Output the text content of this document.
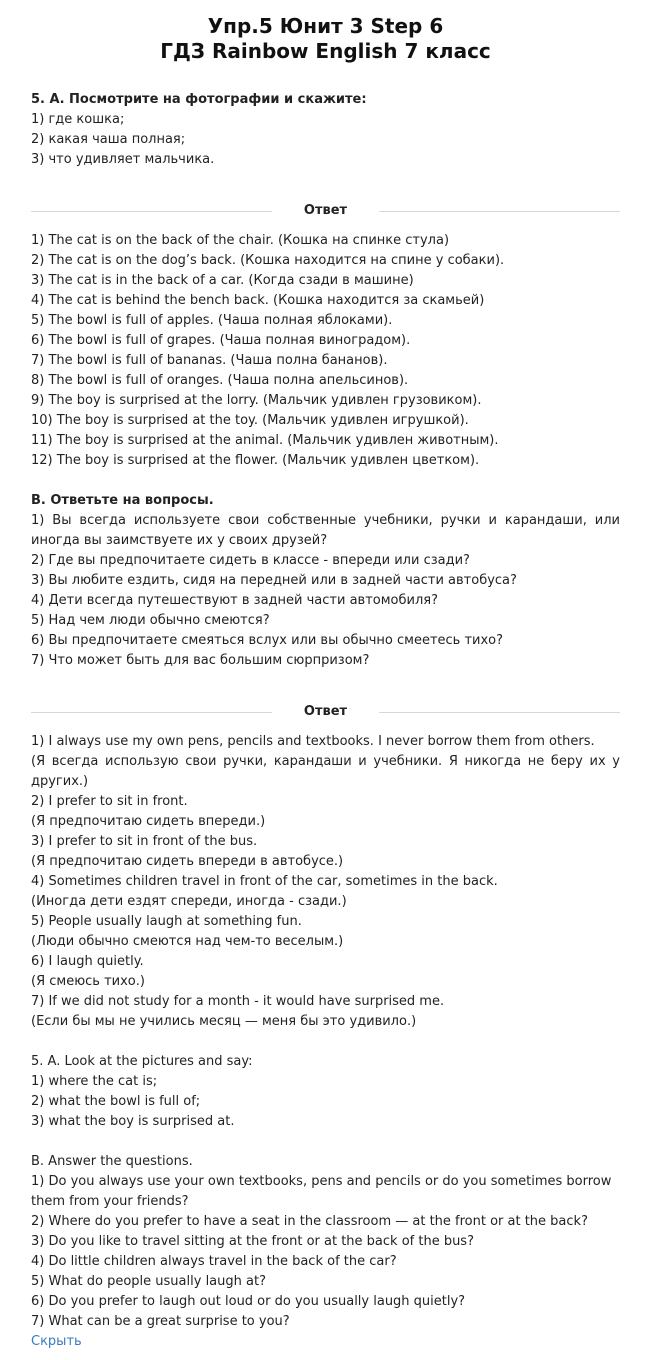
Упр.5 Юнит 3 Step 6
ГДЗ Rainbow English 7 класс

5. А. Посмотрите на фотографии и скажите:

1) где кошка;

2) какая чаша полная;

3) что удивляет мальчика.

Ответ

1) The cat is on the back of the chair. (Кошка на спинке стула)

2) The cat is on the dog’s back. (Кошка находится на спине у собаки).

3) The cat is in the back of a car. (Когда сзади в машине)

4) The cat is behind the bench back. (Кошка находится за скамьей)

5) The bowl is full of apples. (Чаша полная яблоками).

6) The bowl is full of grapes. (Чаша полная виноградом).

7) The bowl is full of bananas. (Чаша полна бананов).

8) The bowl is full of oranges. (Чаша полна апельсинов).

9) The boy is surprised at the lorry. (Мальчик удивлен грузовиком).

10) The boy is surprised at the toy. (Мальчик удивлен игрушкой).

11) The boy is surprised at the animal. (Мальчик удивлен животным).

12) The boy is surprised at the flower. (Мальчик удивлен цветком).

B. Ответьте на вопросы.

1) Вы всегда используете свои собственные учебники, ручки и карандаши, или иногда вы заимствуете их у своих друзей?

2) Где вы предпочитаете сидеть в классе - впереди или сзади?

3) Вы любите ездить, сидя на передней или в задней части автобуса?

4) Дети всегда путешествуют в задней части автомобиля?

5) Над чем люди обычно смеются?

6) Вы предпочитаете смеяться вслух или вы обычно смеетесь тихо?

7) Что может быть для вас большим сюрпризом?

Ответ

1) I always use my own pens, pencils and textbooks. I never borrow them from others.

(Я всегда использую свои ручки, карандаши и учебники. Я никогда не беру их у других.)

2) I prefer to sit in front.

(Я предпочитаю сидеть впереди.)

3) I prefer to sit in front of the bus.

(Я предпочитаю сидеть впереди в автобусе.)

4) Sometimes children travel in front of the car, sometimes in the back.

(Иногда дети ездят спереди, иногда - сзади.)

5) People usually laugh at something fun.

(Люди обычно смеются над чем-то веселым.)

6) I laugh quietly.

(Я смеюсь тихо.)

7) If we did not study for a month - it would have surprised me.

(Если бы мы не учились месяц — меня бы это удивило.)

5. A. Look at the pictures and say:

1) where the cat is;

2) what the bowl is full of;

3) what the boy is surprised at.

B. Answer the questions.

1) Do you always use your own textbooks, pens and pencils or do you sometimes borrow them from your friends?

2) Where do you prefer to have a seat in the classroom — at the front or at the back?

3) Do you like to travel sitting at the front or at the back of the bus?

4) Do little children always travel in the back of the car?

5) What do people usually laugh at?

6) Do you prefer to laugh out loud or do you usually laugh quietly?

7) What can be a great surprise to you?

Скрыть
